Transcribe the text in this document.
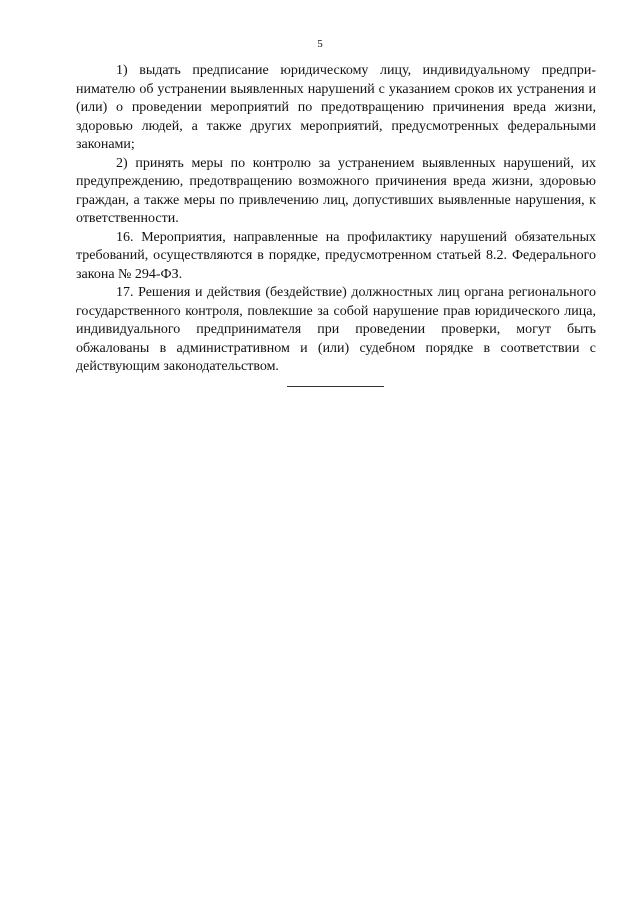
5

1) выдать предписание юридическому лицу, индивидуальному предпринимателю об устранении выявленных нарушений с указанием сроков их устранения и (или) о проведении мероприятий по предотвращению причинения вреда жизни, здоровью людей, а также других мероприятий, предусмотренных федеральными законами;

2) принять меры по контролю за устранением выявленных нарушений, их предупреждению, предотвращению возможного причинения вреда жизни, здоровью граждан, а также меры по привлечению лиц, допустивших выявленные нарушения, к ответственности.

16. Мероприятия, направленные на профилактику нарушений обязательных требований, осуществляются в порядке, предусмотренном статьей 8.2. Федерального закона № 294-ФЗ.

17. Решения и действия (бездействие) должностных лиц органа регионального государственного контроля, повлекшие за собой нарушение прав юридического лица, индивидуального предпринимателя при проведении проверки, могут быть обжалованы в административном и (или) судебном порядке в соответствии с действующим законодательством.
